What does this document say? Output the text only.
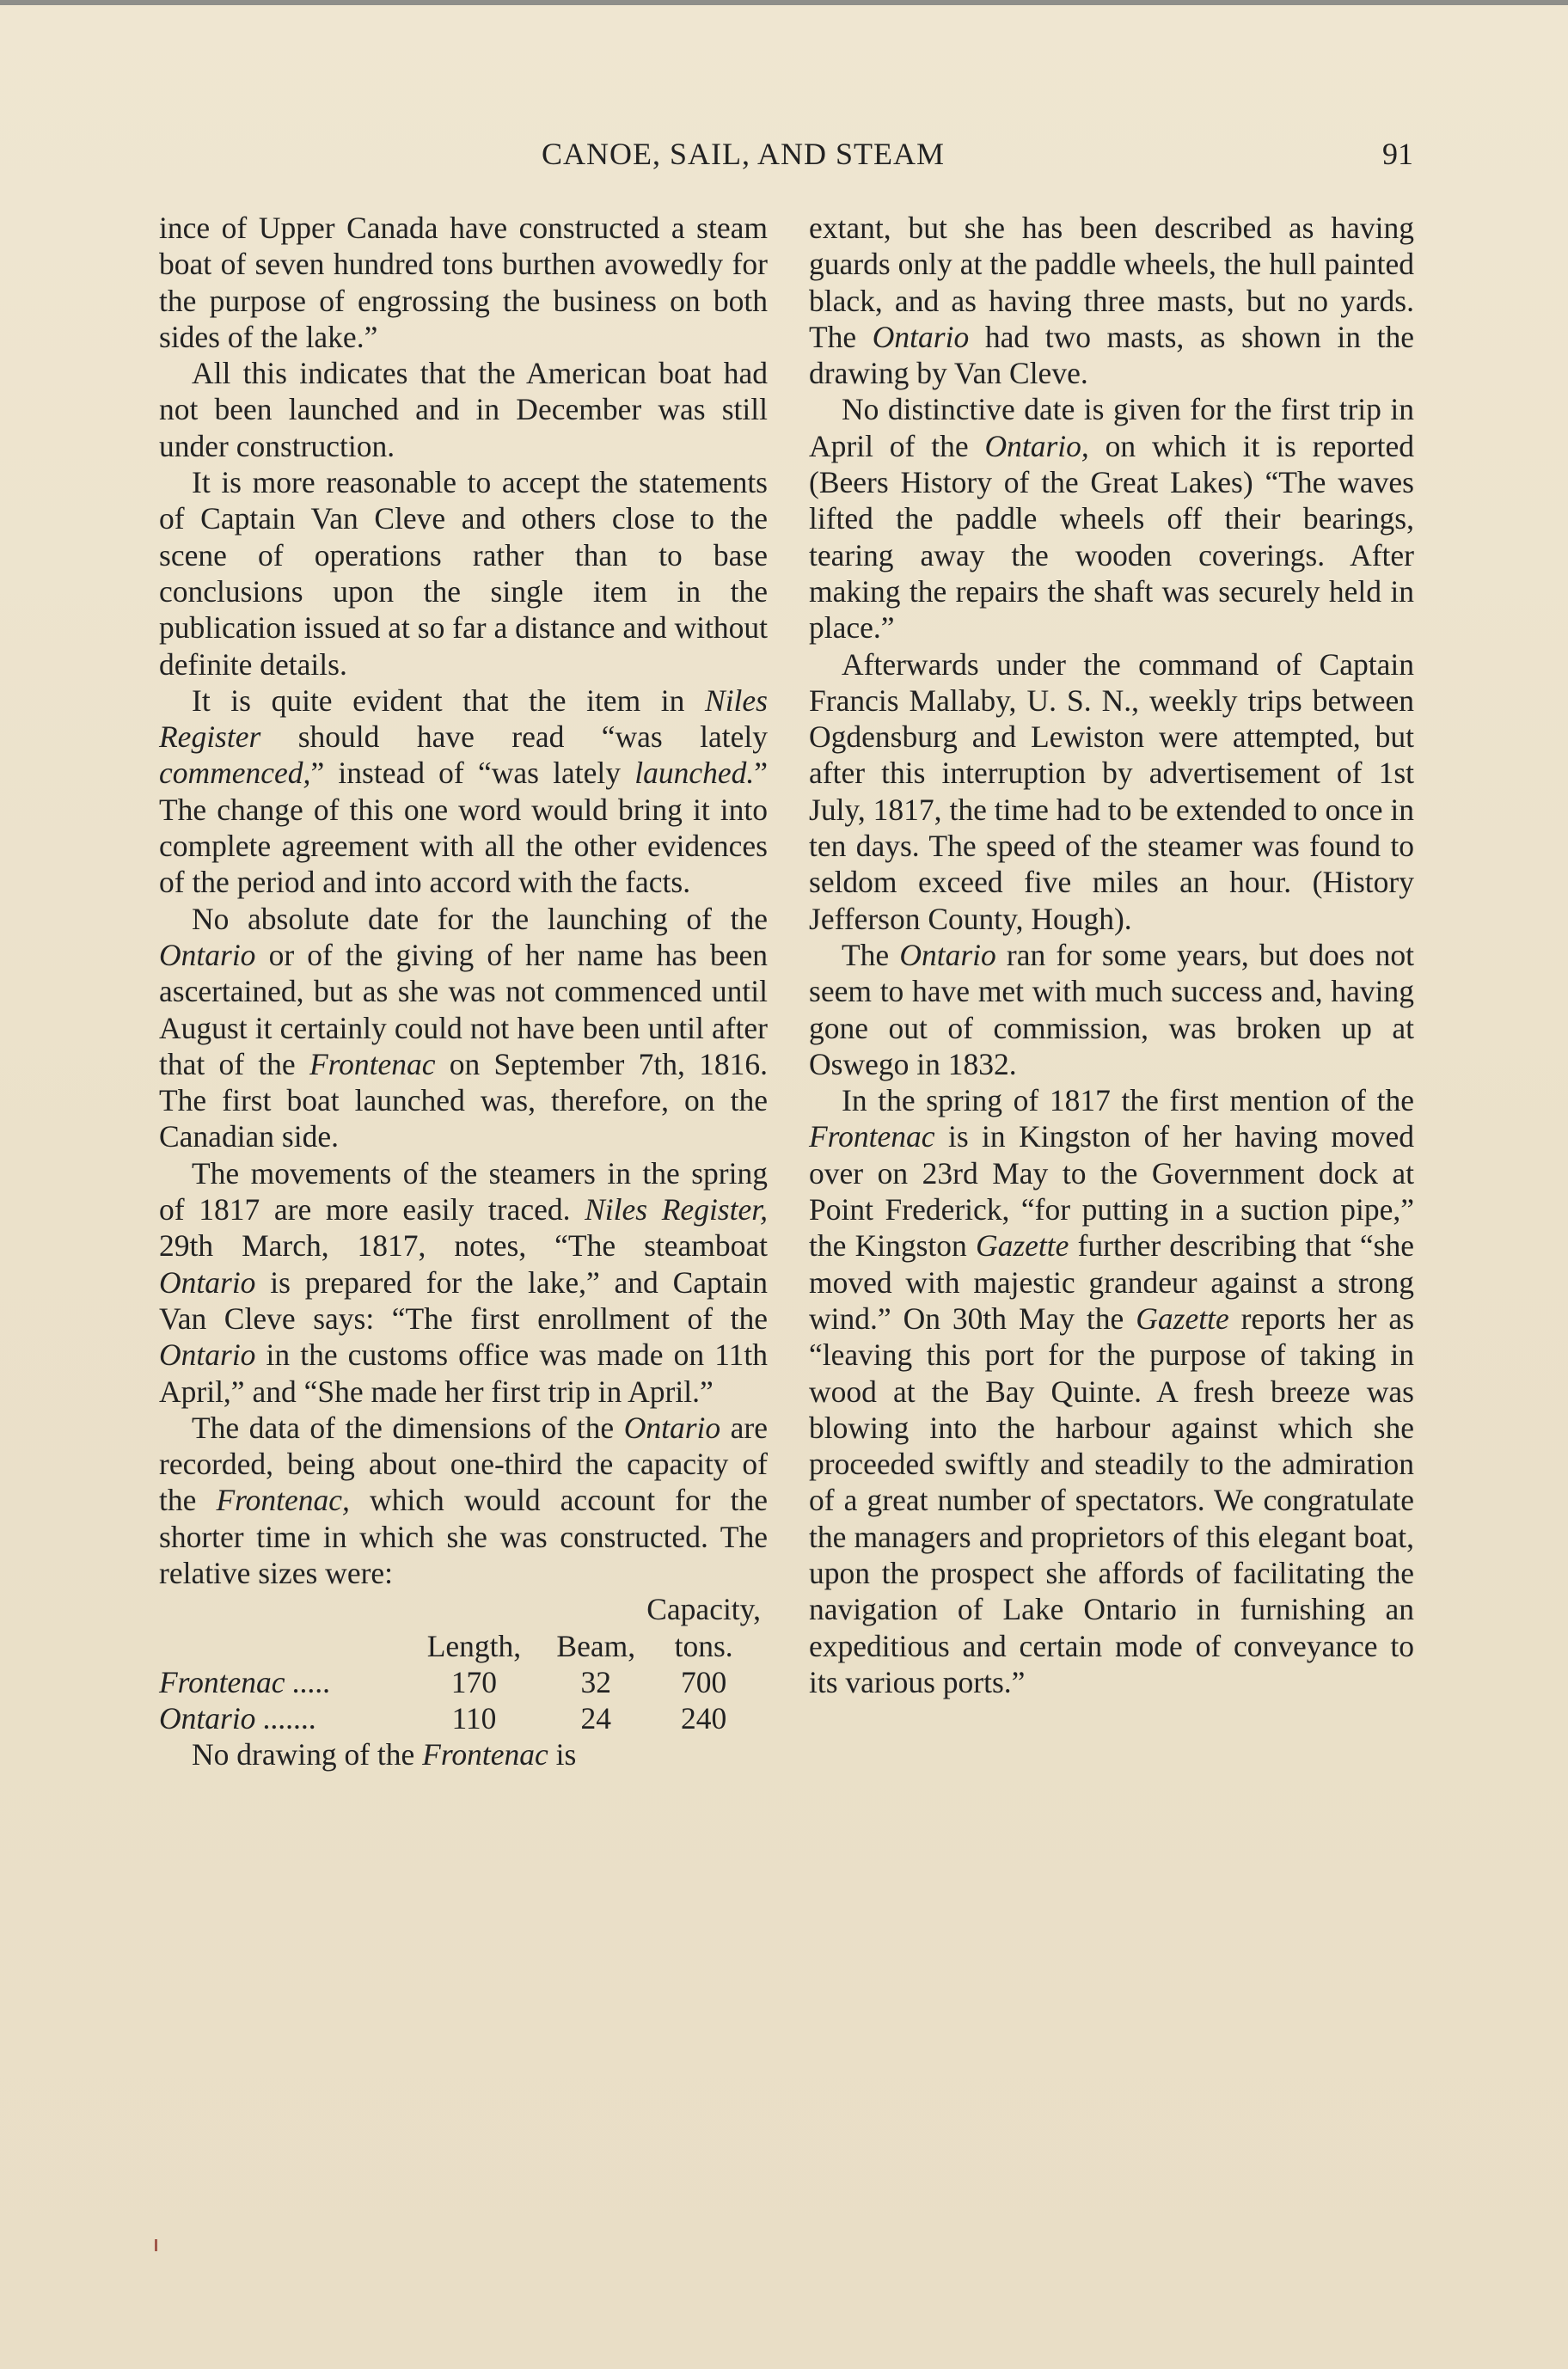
CANOE, SAIL, AND STEAM	91

ince of Upper Canada have constructed a steam boat of seven hundred tons burthen avowedly for the purpose of engrossing the business on both sides of the lake.”

All this indicates that the American boat had not been launched and in December was still under construction.

It is more reasonable to accept the statements of Captain Van Cleve and others close to the scene of operations rather than to base conclusions upon the single item in the publication issued at so far a distance and without definite details.

It is quite evident that the item in Niles Register should have read “was lately commenced,” instead of “was lately launched.” The change of this one word would bring it into complete agreement with all the other evidences of the period and into accord with the facts.

No absolute date for the launching of the Ontario or of the giving of her name has been ascertained, but as she was not commenced until August it certainly could not have been until after that of the Frontenac on September 7th, 1816. The first boat launched was, therefore, on the Canadian side.

The movements of the steamers in the spring of 1817 are more easily traced. Niles Register, 29th March, 1817, notes, “The steamboat Ontario is prepared for the lake,” and Captain Van Cleve says: “The first enrollment of the Ontario in the customs office was made on 11th April,” and “She made her first trip in April.”

The data of the dimensions of the Ontario are recorded, being about one-third the capacity of the Frontenac, which would account for the shorter time in which she was constructed. The relative sizes were:

			Capacity,
	Length,	Beam,	tons.
Frontenac .....	170	32	700
Ontario .......	110	24	240

No drawing of the Frontenac is

extant, but she has been described as having guards only at the paddle wheels, the hull painted black, and as having three masts, but no yards. The Ontario had two masts, as shown in the drawing by Van Cleve.

No distinctive date is given for the first trip in April of the Ontario, on which it is reported (Beers History of the Great Lakes) “The waves lifted the paddle wheels off their bearings, tearing away the wooden coverings. After making the repairs the shaft was securely held in place.”

Afterwards under the command of Captain Francis Mallaby, U. S. N., weekly trips between Ogdensburg and Lewiston were attempted, but after this interruption by advertisement of 1st July, 1817, the time had to be extended to once in ten days. The speed of the steamer was found to seldom exceed five miles an hour. (History Jefferson County, Hough).

The Ontario ran for some years, but does not seem to have met with much success and, having gone out of commission, was broken up at Oswego in 1832.

In the spring of 1817 the first mention of the Frontenac is in Kingston of her having moved over on 23rd May to the Government dock at Point Frederick, “for putting in a suction pipe,” the Kingston Gazette further describing that “she moved with majestic grandeur against a strong wind.” On 30th May the Gazette reports her as “leaving this port for the purpose of taking in wood at the Bay Quinte. A fresh breeze was blowing into the harbour against which she proceeded swiftly and steadily to the admiration of a great number of spectators. We congratulate the managers and proprietors of this elegant boat, upon the prospect she affords of facilitating the navigation of Lake Ontario in furnishing an expeditious and certain mode of conveyance to its various ports.”
